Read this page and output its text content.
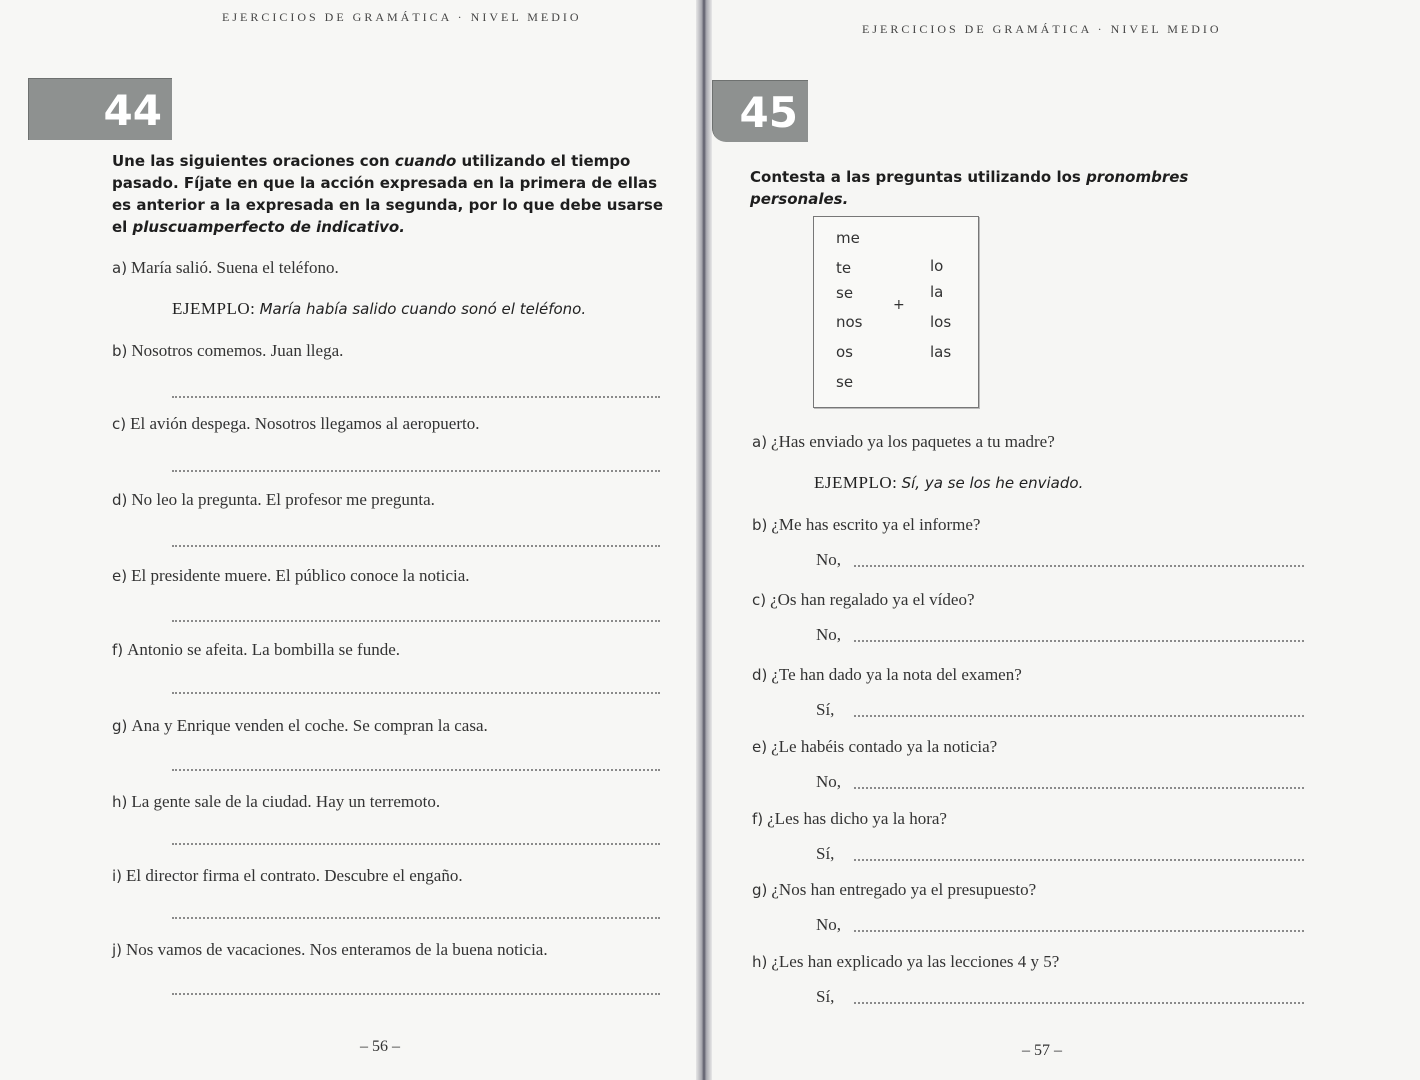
EJERCICIOS DE GRAMÁTICA · NIVEL MEDIO
44
Une las siguientes oraciones con cuando utilizando el tiempo pasado. Fíjate en que la acción expresada en la primera de ellas es anterior a la expresada en la segunda, por lo que debe usarse el pluscuamperfecto de indicativo.
a) María salió. Suena el teléfono.
EJEMPLO: María había salido cuando sonó el teléfono.
b) Nosotros comemos. Juan llega.
c) El avión despega. Nosotros llegamos al aeropuerto.
d) No leo la pregunta. El profesor me pregunta.
e) El presidente muere. El público conoce la noticia.
f) Antonio se afeita. La bombilla se funde.
g) Ana y Enrique venden el coche. Se compran la casa.
h) La gente sale de la ciudad. Hay un terremoto.
i) El director firma el contrato. Descubre el engaño.
j) Nos vamos de vacaciones. Nos enteramos de la buena noticia.
– 56 –
EJERCICIOS DE GRAMÁTICA · NIVEL MEDIO
45
Contesta a las preguntas utilizando los pronombres personales.
me
te
se
nos
os
se
+
lo
la
los
las
a) ¿Has enviado ya los paquetes a tu madre?
EJEMPLO: Sí, ya se los he enviado.
b) ¿Me has escrito ya el informe?
No,
c) ¿Os han regalado ya el vídeo?
No,
d) ¿Te han dado ya la nota del examen?
Sí,
e) ¿Le habéis contado ya la noticia?
No,
f) ¿Les has dicho ya la hora?
Sí,
g) ¿Nos han entregado ya el presupuesto?
No,
h) ¿Les han explicado ya las lecciones 4 y 5?
Sí,
– 57 –
